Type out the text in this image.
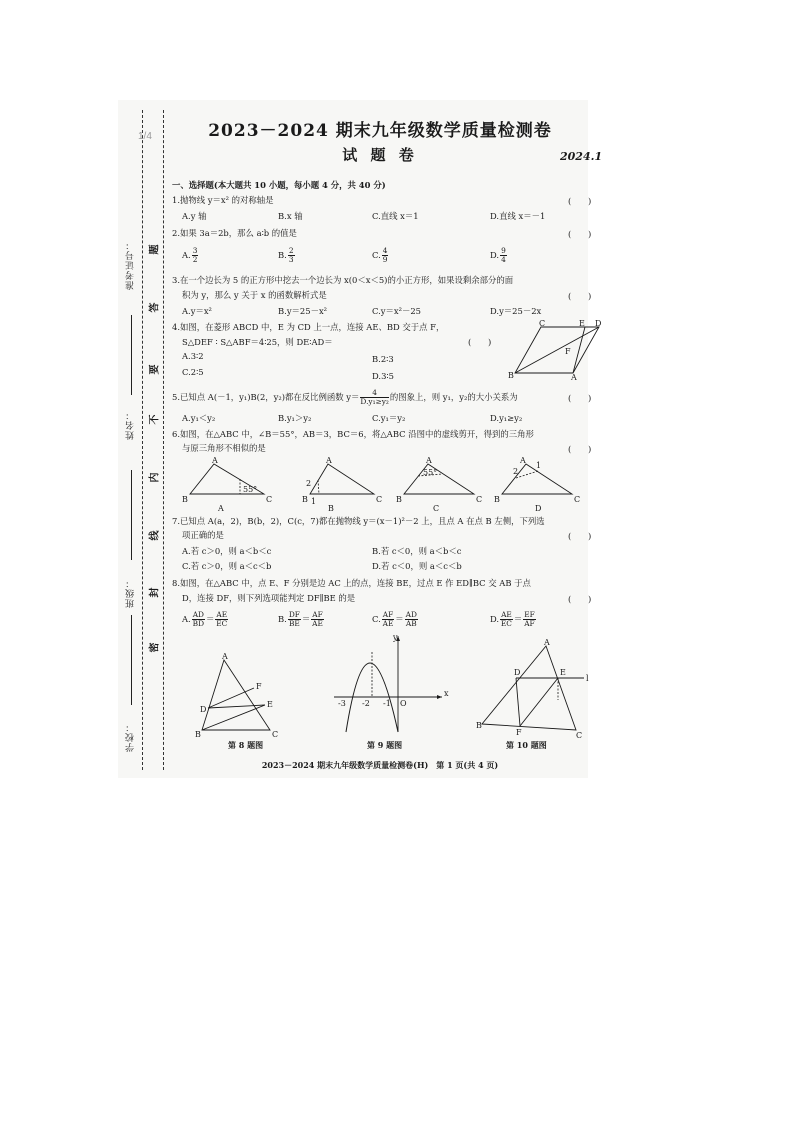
1/4
准考证号：
姓名：
班级：
学校：
题
答
要
不
内
线
封
密
2023－2024 期末九年级数学质量检测卷
试 题 卷	2024.1
一、选择题(本大题共 10 小题，每小题 4 分，共 40 分)
1.抛物线 y＝x² 的对称轴是	(　　)
A.y 轴	B.x 轴	C.直线 x＝1	D.直线 x＝－1
2.如果 3a＝2b，那么 a∶b 的值是	(　　)
A. $\frac{3}{2}$	B. $\frac{2}{3}$	C. $\frac{4}{9}$	D. $\frac{9}{4}$
3.在一个边长为 5 的正方形中挖去一个边长为 x(0＜x＜5)的小正方形，如果设剩余部分的面
积为 y，那么 y 关于 x 的函数解析式是	(　　)
A.y＝x²	B.y＝25－x²	C.y＝x²－25	D.y＝25－2x
4.如图，在菱形 ABCD 中，E 为 CD 上一点，连接 AE、BD 交于点 F，
S△DEF ∶ S△ABF＝4∶25，则 DE∶AD＝	(　　)
A.3∶2	B.2∶3
C.2∶5	D.3∶5	B	A
C	E D
F
5.已知点 A(－1，y₁)B(2，y₂)都在反比例函数 $y= \frac{4}{\text{D.y₁≥y₂}}$ 的图象上，则 y₁，y₂的大小关系为	(　　)
A.y₁＜y₂	B.y₁＞y₂	C.y₁＝y₂	D.y₁≥y₂
6.如图，在△ABC 中，∠B＝55°，AB＝3，BC＝6，将△ABC 沿图中的虚线剪开，得到的三角形
与原三角形不相似的是	(　　)
B	C
A
55°
A
B	C
A
2
1
B
B	C
A
55°
C
B	C
A
2
1
D
7.已知点 A(a，2)，B(b，2)，C(c，7)都在抛物线 y＝(x－1)²－2 上，且点 A 在点 B 左侧，下列选
项正确的是	(　　)
A.若 c＞0，则 a＜b＜c	B.若 c＜0，则 a＜b＜c
C.若 c＞0，则 a＜c＜b	D.若 c＜0，则 a＜c＜b
8.如图，在△ABC 中，点 E、F 分别是边 AC 上的点，连接 BE，过点 E 作 ED∥BC 交 AB 于点
D，连接 DF，则下列选项能判定 DF∥BE 的是	(　　)
A. $\frac{AD}{BD} = \frac{AE}{EC}$	B. $\frac{DF}{BE} = \frac{AF}{AE}$	C. $\frac{AF}{AE} = \frac{AD}{AB}$	D. $\frac{AE}{EC} = \frac{EF}{AF}$
B	C
A
D
E
F
x
y
-3 -2 -1 O
B
C
A
D	E
F
l
第 8 题图	第 9 题图	第 10 题图
2023－2024 期末九年级数学质量检测卷(H)　第 1 页(共 4 页)
